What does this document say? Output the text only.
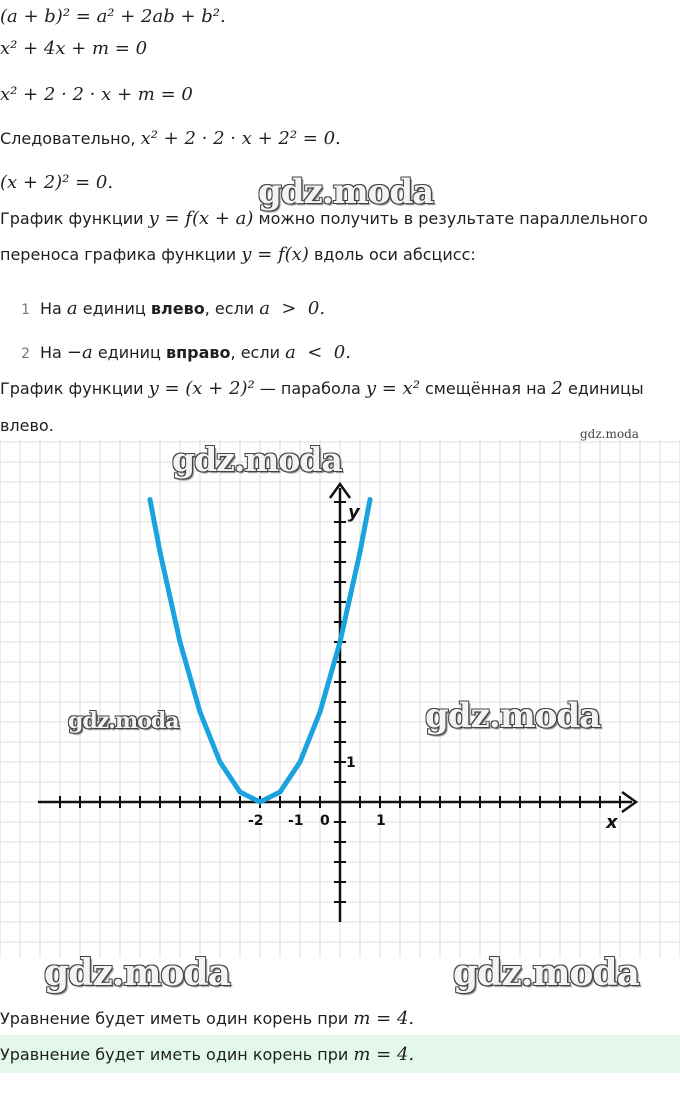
(a + b)² = a² + 2ab + b².
x² + 4x + m = 0
x² + 2 · 2 · x + m = 0
Следовательно, x² + 2 · 2 · x + 2² = 0.
(x + 2)² = 0.
График функции y = f(x + a) можно получить в результате параллельного
переноса графика функции y = f(x) вдоль оси абсцисс:
1 На a единиц влево, если a  >  0.
2 На −a единиц вправо, если a  <  0.
График функции y = (x + 2)² — парабола y = x² смещённая на 2 единицы
влево.
x
y
-2 -1 0	1
1
gdz.moda
gdz.moda
gdz.moda
gdz.moda	gdz.moda
gdz.moda	gdz.moda
Уравнение будет иметь один корень при m = 4.
Уравнение будет иметь один корень при m = 4.
